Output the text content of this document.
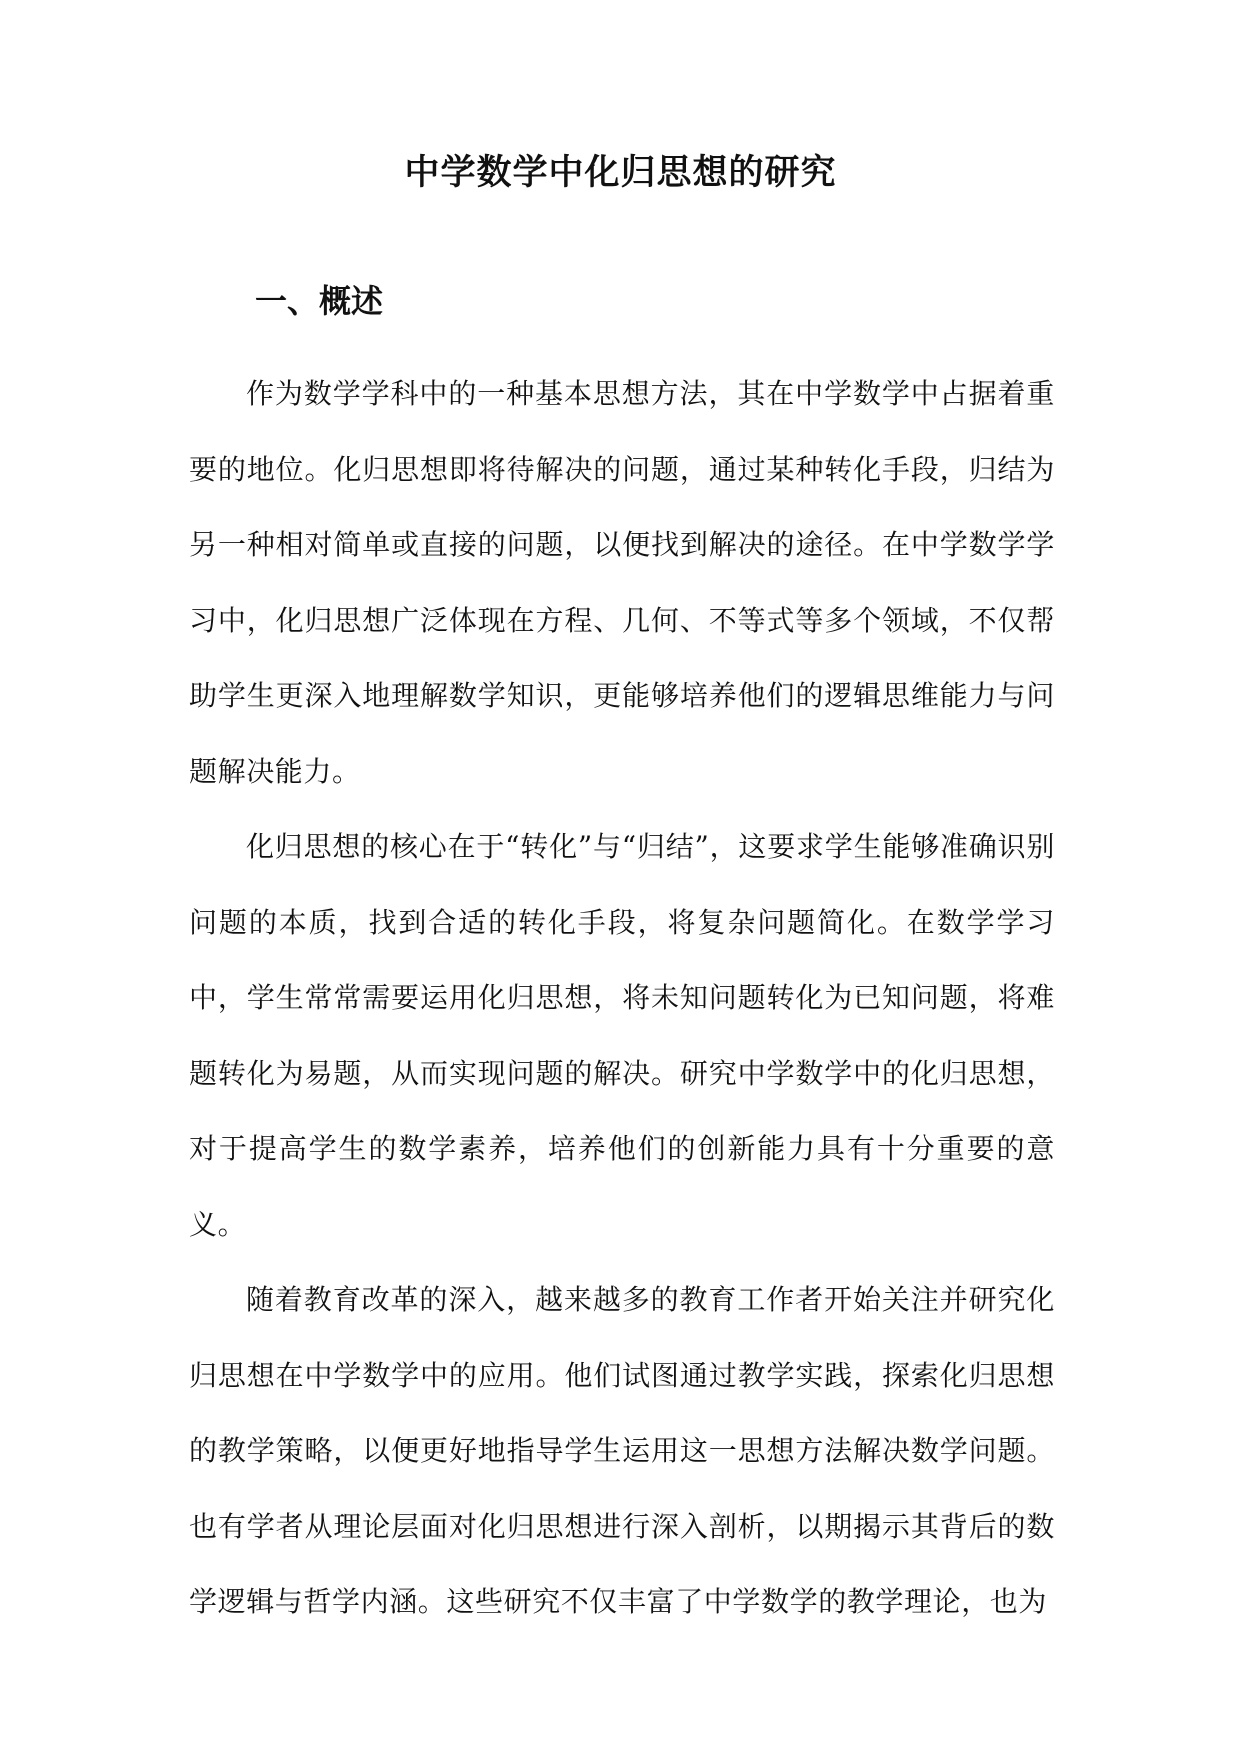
中学数学中化归思想的研究
一、概述

作为数学学科中的一种基本思想方法，其在中学数学中占据着重要的地位。化归思想即将待解决的问题，通过某种转化手段，归结为另一种相对简单或直接的问题，以便找到解决的途径。在中学数学学习中，化归思想广泛体现在方程、几何、不等式等多个领域，不仅帮助学生更深入地理解数学知识，更能够培养他们的逻辑思维能力与问题解决能力。

化归思想的核心在于“转化”与“归结”，这要求学生能够准确识别问题的本质，找到合适的转化手段，将复杂问题简化。在数学学习中，学生常常需要运用化归思想，将未知问题转化为已知问题，将难题转化为易题，从而实现问题的解决。研究中学数学中的化归思想，对于提高学生的数学素养，培养他们的创新能力具有十分重要的意义。

随着教育改革的深入，越来越多的教育工作者开始关注并研究化归思想在中学数学中的应用。他们试图通过教学实践，探索化归思想的教学策略，以便更好地指导学生运用这一思想方法解决数学问题。也有学者从理论层面对化归思想进行深入剖析，以期揭示其背后的数学逻辑与哲学内涵。这些研究不仅丰富了中学数学的教学理论，也为
